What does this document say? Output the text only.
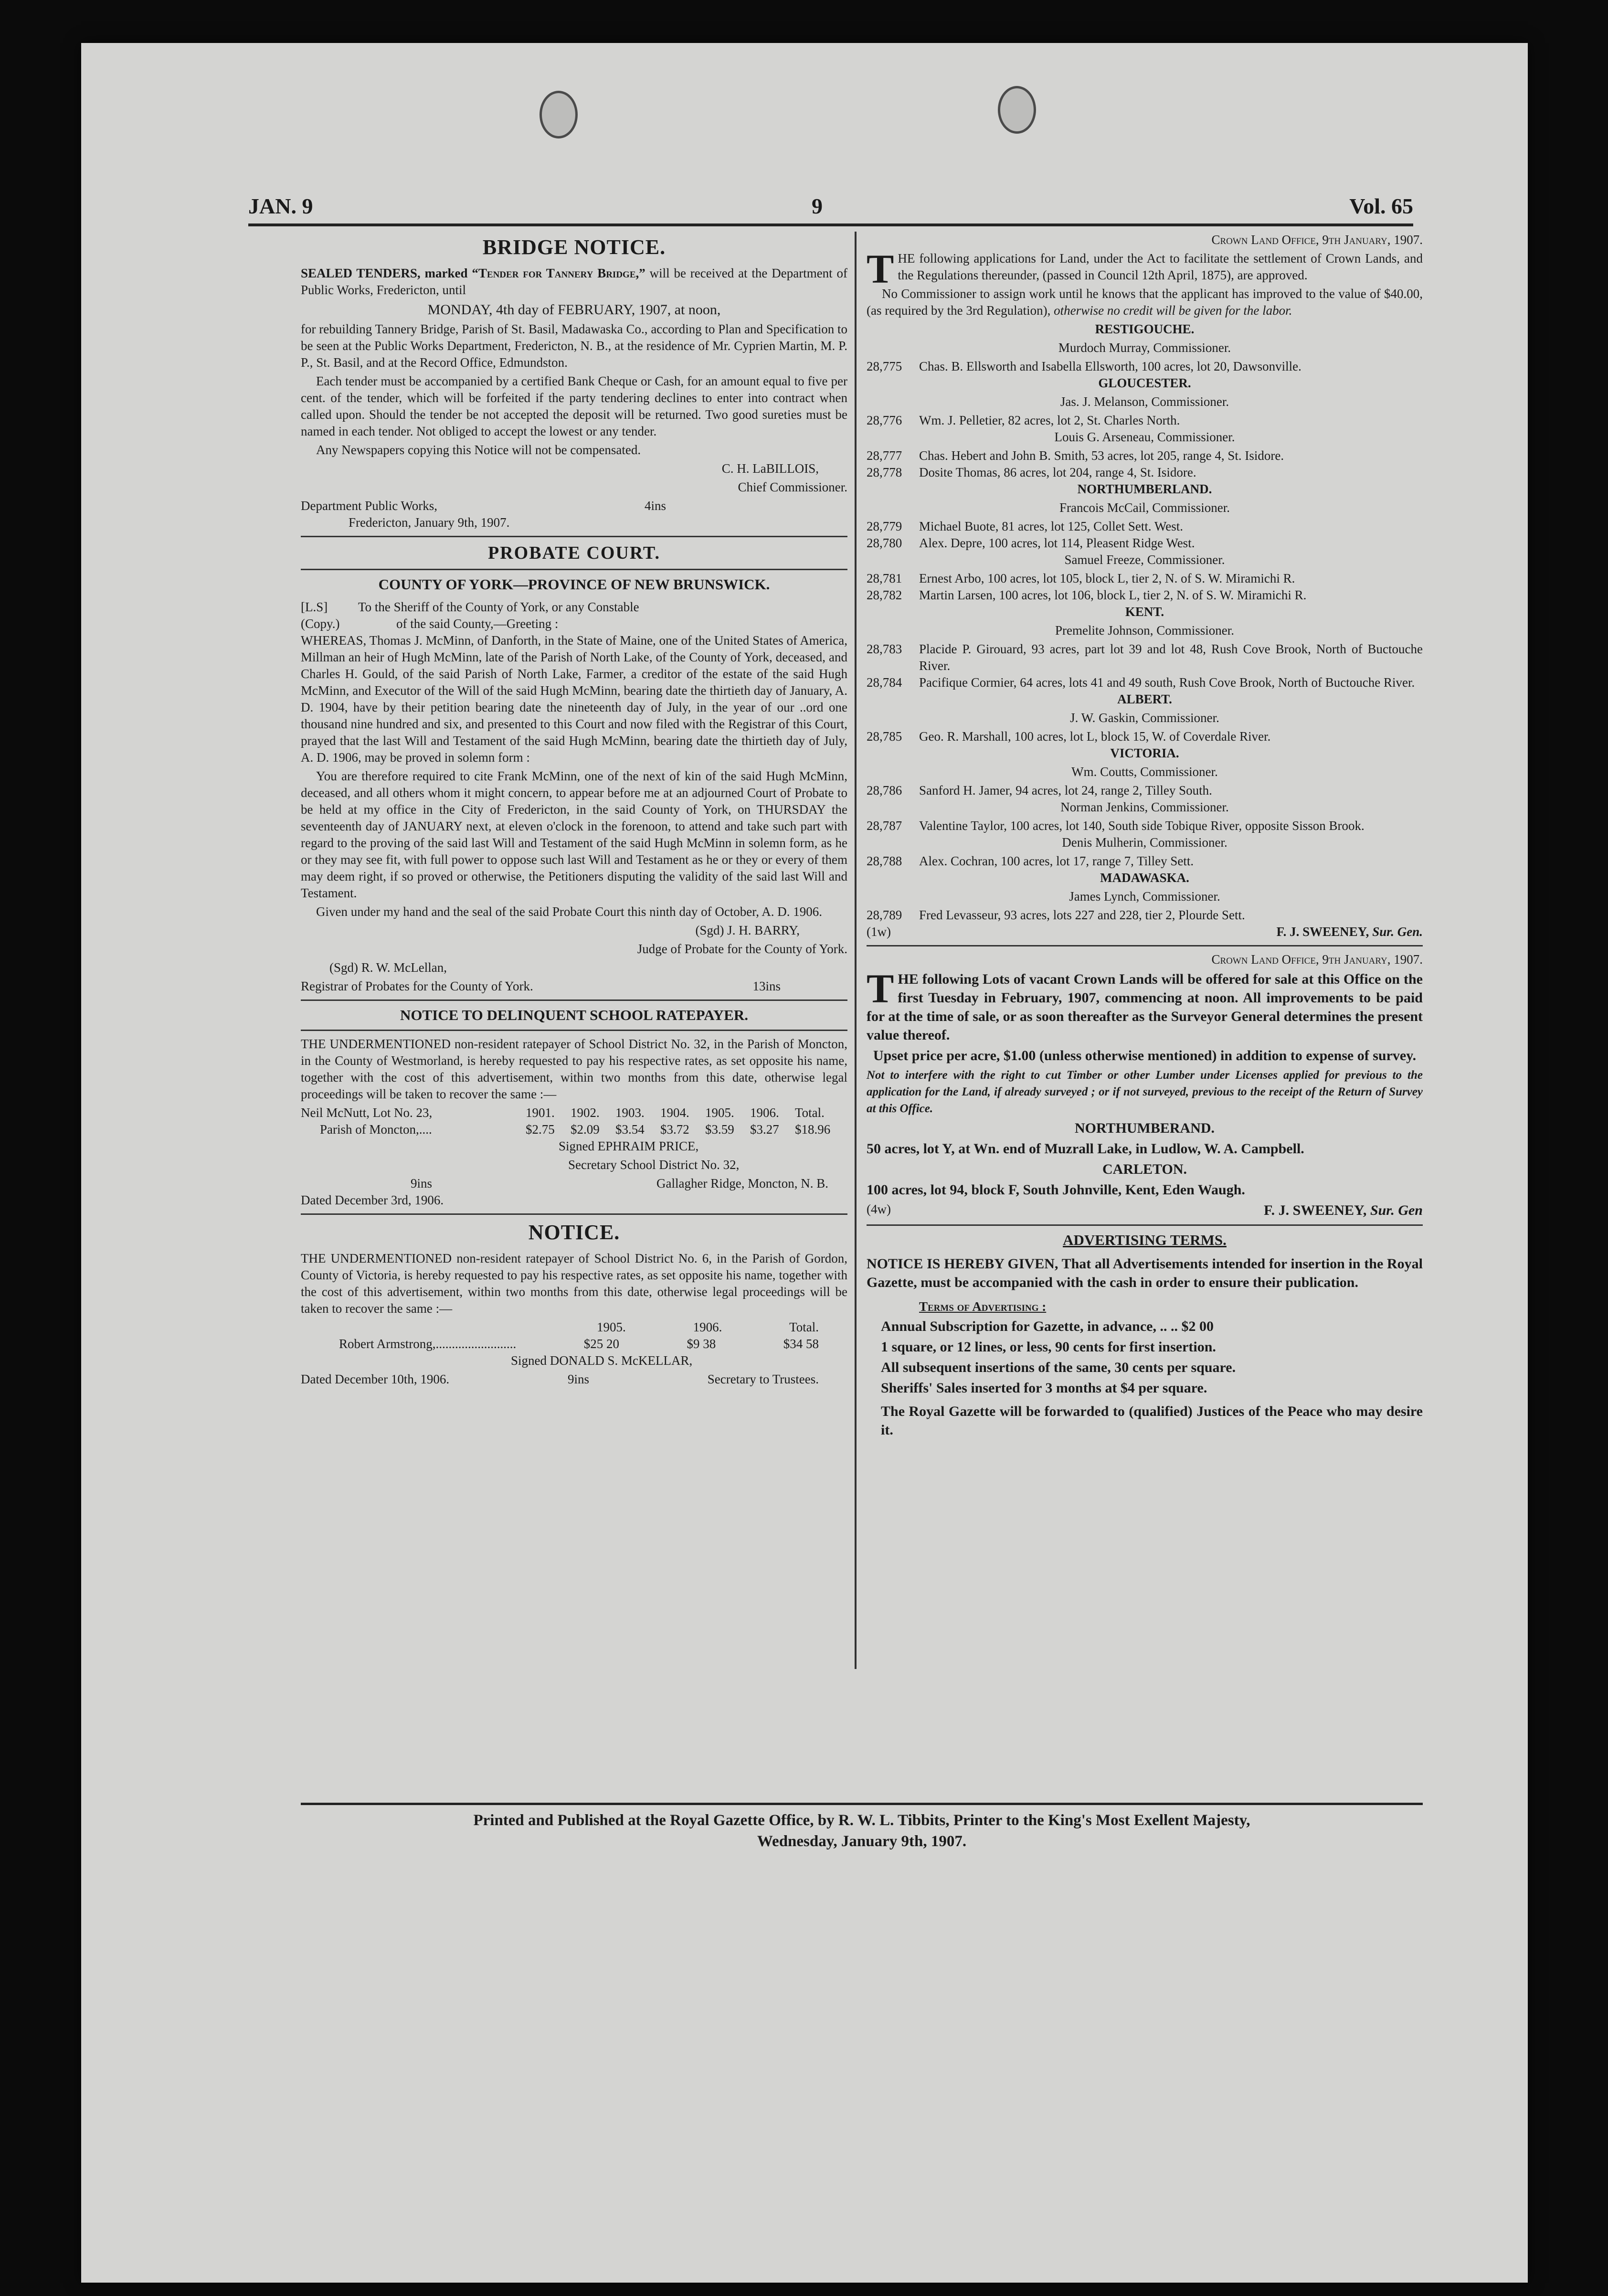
JAN. 9	9	Vol. 65
BRIDGE NOTICE.

SEALED TENDERS, marked “Tender for Tannery Bridge,” will be received at the Department of Public Works, Fredericton, until

MONDAY, 4th day of FEBRUARY, 1907, at noon,

for rebuilding Tannery Bridge, Parish of St. Basil, Madawaska Co., according to Plan and Specification to be seen at the Public Works Department, Fredericton, N. B., at the residence of Mr. Cyprien Martin, M. P. P., St. Basil, and at the Record Office, Edmundston.

Each tender must be accompanied by a certified Bank Cheque or Cash, for an amount equal to five per cent. of the tender, which will be forfeited if the party tendering declines to enter into contract when called upon. Should the tender be not accepted the deposit will be returned. Two good sureties must be named in each tender. Not obliged to accept the lowest or any tender.

Any Newspapers copying this Notice will not be compensated.

C. H. LaBILLOIS,

Chief Commissioner.

Department Public Works,	4ins

Fredericton, January 9th, 1907.

PROBATE COURT.
COUNTY OF YORK—PROVINCE OF NEW BRUNSWICK.
[L.S]	To the Sheriff of the County of York, or any Constable
(Copy.)	of the said County,—Greeting :

WHEREAS, Thomas J. McMinn, of Danforth, in the State of Maine, one of the United States of America, Millman an heir of Hugh McMinn, late of the Parish of North Lake, of the County of York, deceased, and Charles H. Gould, of the said Parish of North Lake, Farmer, a creditor of the estate of the said Hugh McMinn, and Executor of the Will of the said Hugh McMinn, bearing date the thirtieth day of January, A. D. 1904, have by their petition bearing date the nineteenth day of July, in the year of our ..ord one thousand nine hundred and six, and presented to this Court and now filed with the Registrar of this Court, prayed that the last Will and Testament of the said Hugh McMinn, bearing date the thirtieth day of July, A. D. 1906, may be proved in solemn form :

You are therefore required to cite Frank McMinn, one of the next of kin of the said Hugh McMinn, deceased, and all others whom it might concern, to appear before me at an adjourned Court of Probate to be held at my office in the City of Fredericton, in the said County of York, on THURSDAY the seventeenth day of JANUARY next, at eleven o'clock in the forenoon, to attend and take such part with regard to the proving of the said last Will and Testament of the said Hugh McMinn in solemn form, as he or they may see fit, with full power to oppose such last Will and Testament as he or they or every of them may deem right, if so proved or otherwise, the Petitioners disputing the validity of the said last Will and Testament.

Given under my hand and the seal of the said Probate Court this ninth day of October, A. D. 1906.

(Sgd) J. H. BARRY,

Judge of Probate for the County of York.

(Sgd) R. W. McLellan,

Registrar of Probates for the County of York.	13ins
NOTICE TO DELINQUENT SCHOOL RATEPAYER.

THE UNDERMENTIONED non-resident ratepayer of School District No. 32, in the Parish of Moncton, in the County of Westmorland, is hereby requested to pay his respective rates, as set opposite his name, together with the cost of this advertisement, within two months from this date, otherwise legal proceedings will be taken to recover the same :—

Neil McNutt, Lot No. 23,	1901.	1902.	1903.	1904.	1905.	1906.	Total.
Parish of Moncton,....	$2.75	$2.09	$3.54	$3.72	$3.59	$3.27	$18.96

Signed EPHRAIM PRICE,

Secretary School District No. 32,

9ins	Gallagher Ridge, Moncton, N. B.

Dated December 3rd, 1906.

NOTICE.

THE UNDERMENTIONED non-resident ratepayer of School District No. 6, in the Parish of Gordon, County of Victoria, is hereby requested to pay his respective rates, as set opposite his name, together with the cost of this advertisement, within two months from this date, otherwise legal proceedings will be taken to recover the same :—

1905.	1906.	Total.
Robert Armstrong,.........................	$25 20	$9 38	$34 58

Signed DONALD S. McKELLAR,

Dated December 10th, 1906.	9ins	Secretary to Trustees.

Crown Land Office, 9th January, 1907.

THE following applications for Land, under the Act to facilitate the settlement of Crown Lands, and the Regulations thereunder, (passed in Council 12th April, 1875), are approved.

No Commissioner to assign work until he knows that the applicant has improved to the value of $40.00, (as required by the 3rd Regulation), otherwise no credit will be given for the labor.

RESTIGOUCHE.

Murdoch Murray, Commissioner.

28,775 Chas. B. Ellsworth and Isabella Ellsworth, 100 acres, lot 20, Dawsonville.

GLOUCESTER.

Jas. J. Melanson, Commissioner.

28,776 Wm. J. Pelletier, 82 acres, lot 2, St. Charles North.

Louis G. Arseneau, Commissioner.

28,777 Chas. Hebert and John B. Smith, 53 acres, lot 205, range 4, St. Isidore.

28,778 Dosite Thomas, 86 acres, lot 204, range 4, St. Isidore.

NORTHUMBERLAND.

Francois McCail, Commissioner.

28,779 Michael Buote, 81 acres, lot 125, Collet Sett. West.

28,780 Alex. Depre, 100 acres, lot 114, Pleasent Ridge West.

Samuel Freeze, Commissioner.

28,781 Ernest Arbo, 100 acres, lot 105, block L, tier 2, N. of S. W. Miramichi R.

28,782 Martin Larsen, 100 acres, lot 106, block L, tier 2, N. of S. W. Miramichi R.

KENT.

Premelite Johnson, Commissioner.

28,783 Placide P. Girouard, 93 acres, part lot 39 and lot 48, Rush Cove Brook, North of Buctouche River.

28,784 Pacifique Cormier, 64 acres, lots 41 and 49 south, Rush Cove Brook, North of Buctouche River.

ALBERT.

J. W. Gaskin, Commissioner.

28,785 Geo. R. Marshall, 100 acres, lot L, block 15, W. of Coverdale River.

VICTORIA.

Wm. Coutts, Commissioner.

28,786 Sanford H. Jamer, 94 acres, lot 24, range 2, Tilley South.

Norman Jenkins, Commissioner.

28,787 Valentine Taylor, 100 acres, lot 140, South side Tobique River, opposite Sisson Brook.

Denis Mulherin, Commissioner.

28,788 Alex. Cochran, 100 acres, lot 17, range 7, Tilley Sett.

MADAWASKA.

James Lynch, Commissioner.

28,789 Fred Levasseur, 93 acres, lots 227 and 228, tier 2, Plourde Sett.

(1w)	F. J. SWEENEY, Sur. Gen.

Crown Land Office, 9th January, 1907.

THE following Lots of vacant Crown Lands will be offered for sale at this Office on the first Tuesday in February, 1907, commencing at noon. All improvements to be paid for at the time of sale, or as soon thereafter as the Surveyor General determines the present value thereof.

Upset price per acre, $1.00 (unless otherwise mentioned) in addition to expense of survey.

Not to interfere with the right to cut Timber or other Lumber under Licenses applied for previous to the application for the Land, if already surveyed ; or if not surveyed, previous to the receipt of the Return of Survey at this Office.

NORTHUMBERAND.

50 acres, lot Y, at Wn. end of Muzrall Lake, in Ludlow, W. A. Campbell.

CARLETON.

100 acres, lot 94, block F, South Johnville, Kent, Eden Waugh.

(4w)	F. J. SWEENEY, Sur. Gen
ADVERTISING TERMS.

NOTICE IS HEREBY GIVEN, That all Advertisements intended for insertion in the Royal Gazette, must be accompanied with the cash in order to ensure their publication.

Terms of Advertising :

Annual Subscription for Gazette, in advance, .. .. $2 00

1 square, or 12 lines, or less, 90 cents for first insertion.

All subsequent insertions of the same, 30 cents per square.

Sheriffs' Sales inserted for 3 months at $4 per square.

The Royal Gazette will be forwarded to (qualified) Justices of the Peace who may desire it.

Printed and Published at the Royal Gazette Office, by R. W. L. Tibbits, Printer to the King's Most Exellent Majesty,
Wednesday, January 9th, 1907.
